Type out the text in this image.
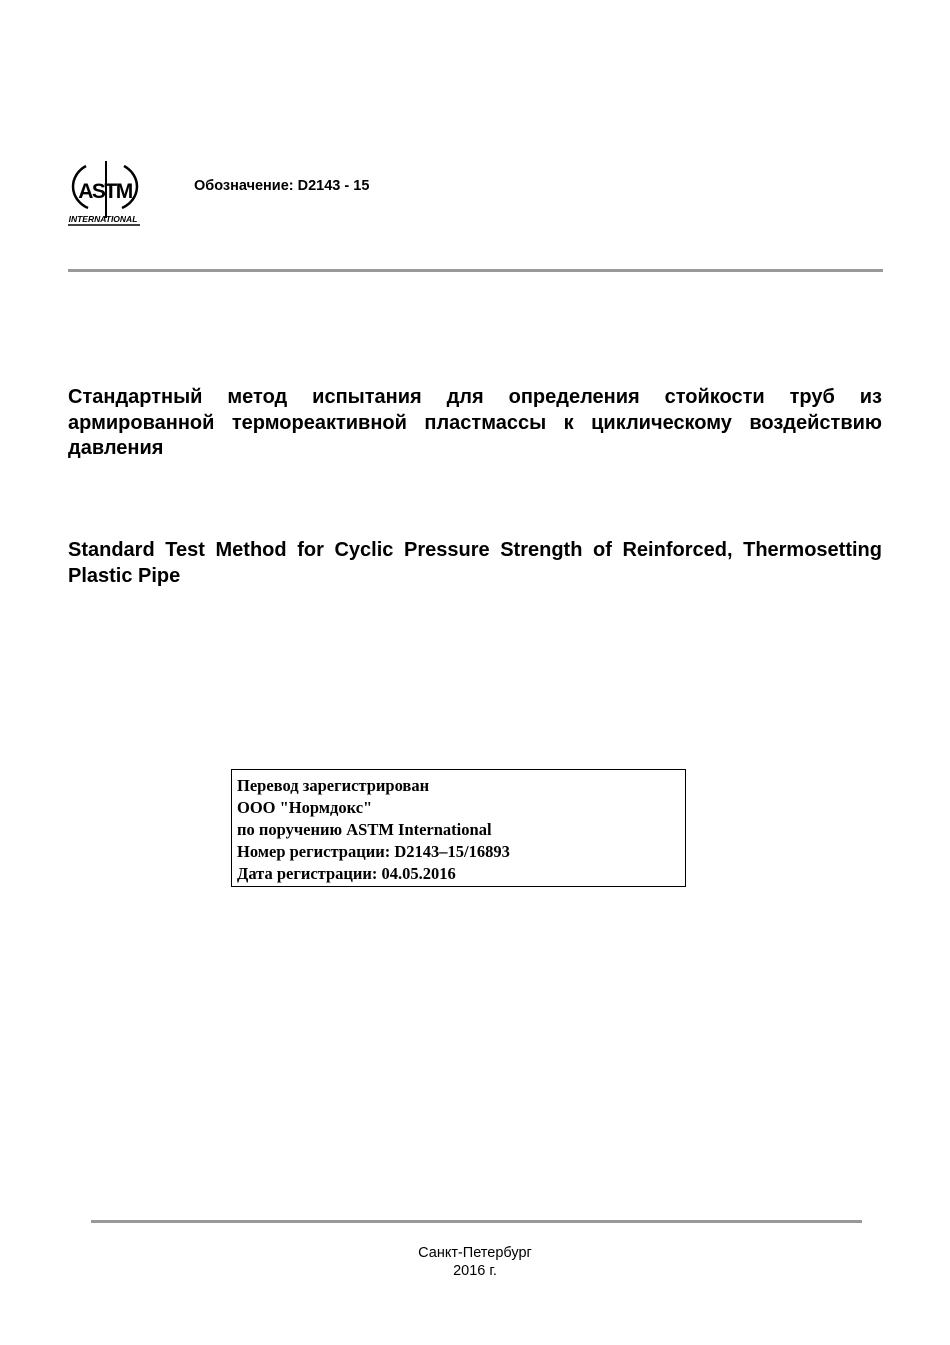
ASTM
INTERNATIONAL
Обозначение: D2143 - 15
Стандартный метод испытания для определения стойкости труб из армированной термореактивной пластмассы к циклическому воздействию давления
Standard Test Method for Cyclic Pressure Strength of Reinforced, Thermosetting Plastic Pipe
Перевод зарегистрирован
ООО "Нормдокс"
по поручению ASTM International
Номер регистрации: D2143–15/16893
Дата регистрации: 04.05.2016
Санкт-Петербург
2016 г.
